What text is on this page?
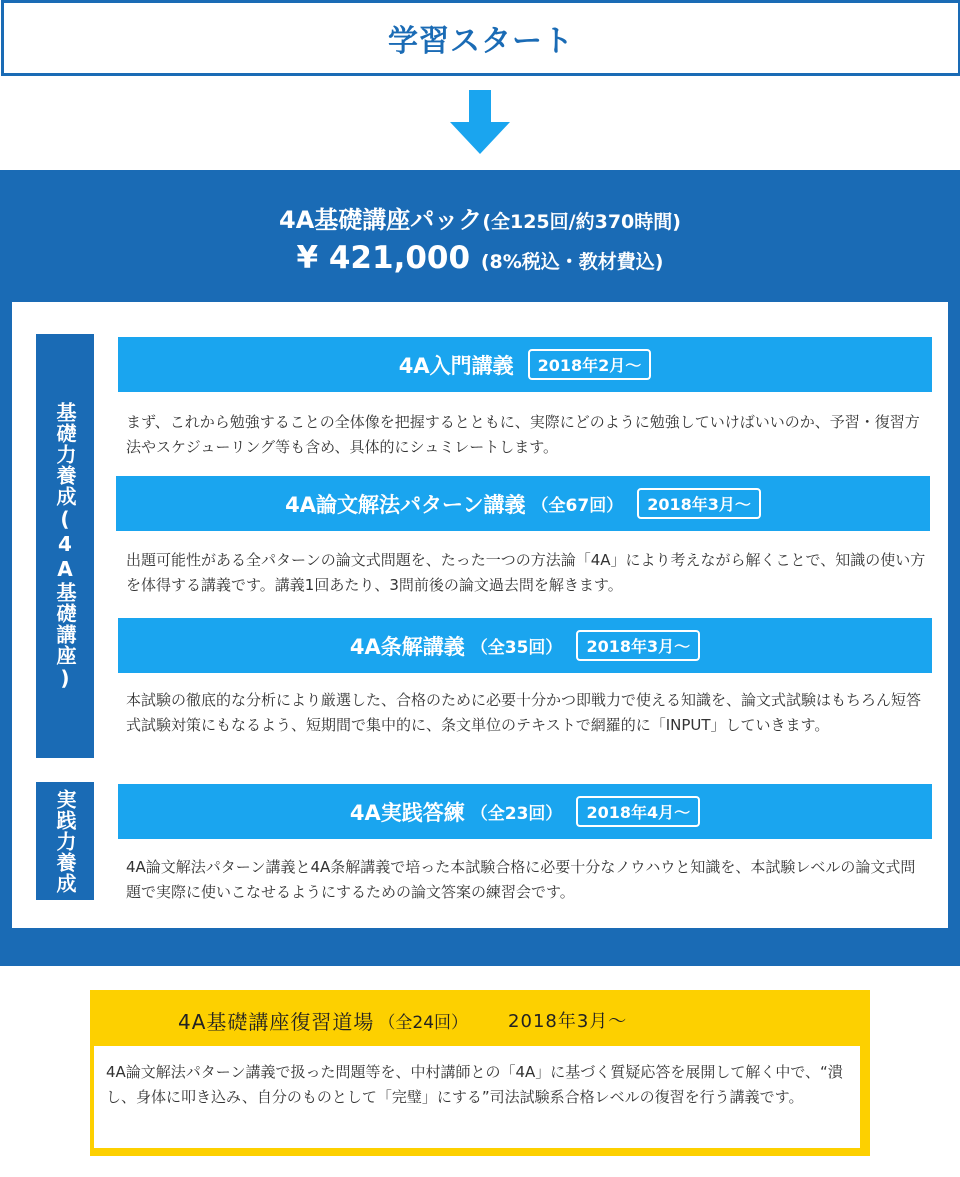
学習スタート
4A基礎講座パック(全125回/約370時間)
¥ 421,000 (8%税込・教材費込)
基礎力養成(4A基礎講座)
実践力養成
4A入門講義	2018年2月〜
まず、これから勉強することの全体像を把握するとともに、実際にどのように勉強していけばいいのか、予習・復習方法やスケジューリング等も含め、具体的にシュミレートします。
4A論文解法パターン講義 （全67回）	2018年3月〜
出題可能性がある全パターンの論文式問題を、たった一つの方法論「4A」により考えながら解くことで、知識の使い方を体得する講義です。講義1回あたり、3問前後の論文過去問を解きます。
4A条解講義 （全35回）	2018年3月〜
本試験の徹底的な分析により厳選した、合格のために必要十分かつ即戦力で使える知識を、論文式試験はもちろん短答式試験対策にもなるよう、短期間で集中的に、条文単位のテキストで網羅的に「INPUT」していきます。
4A実践答練 （全23回）	2018年4月〜
4A論文解法パターン講義と4A条解講義で培った本試験合格に必要十分なノウハウと知識を、本試験レベルの論文式問題で実際に使いこなせるようにするための論文答案の練習会です。
4A基礎講座復習道場 （全24回） 2018年3月〜

4A論文解法パターン講義で扱った問題等を、中村講師との「4A」に基づく質疑応答を展開して解く中で、“潰し、身体に叩き込み、自分のものとして「完璧」にする”司法試験系合格レベルの復習を行う講義です。
